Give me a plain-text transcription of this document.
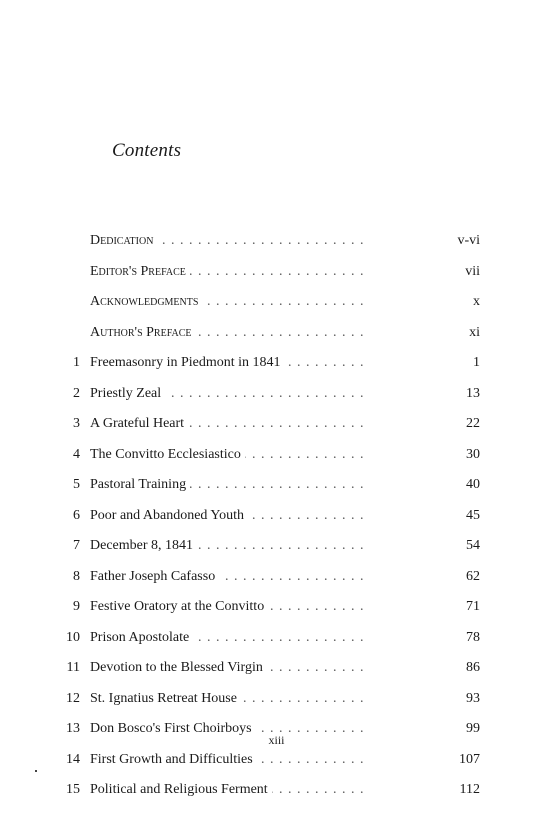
Contents
Dedication . .	v-vi
Editor's Preface . .	vii
Acknowledgments . .	x
Author's Preface . .	xi
1 Freemasonry in Piedmont in 1841 . .	1
2 Priestly Zeal . .	13
3 A Grateful Heart . .	22
4 The Convitto Ecclesiastico . .	30
5 Pastoral Training . .	40
6 Poor and Abandoned Youth . .	45
7 December 8, 1841 . .	54
8 Father Joseph Cafasso . .	62
9 Festive Oratory at the Convitto . .	71
10 Prison Apostolate . .	78
11 Devotion to the Blessed Virgin . .	86
12 St. Ignatius Retreat House . .	93
13 Don Bosco's First Choirboys . .	99
14 First Growth and Difficulties . .	107
15 Political and Religious Ferment . .	112
xiii
